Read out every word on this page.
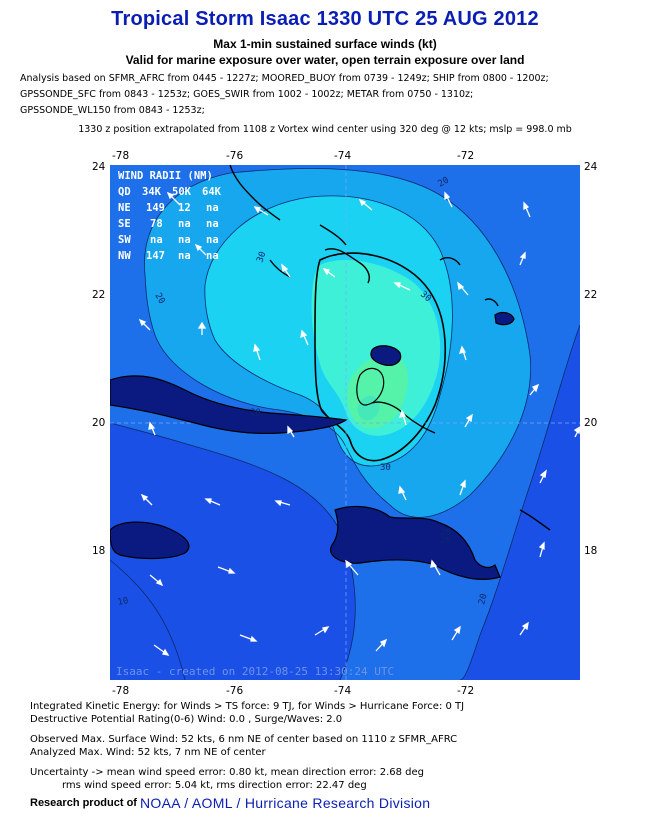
Tropical Storm Isaac 1330 UTC 25 AUG 2012
Max 1-min sustained surface winds (kt)
Valid for marine exposure over water, open terrain exposure over land
Analysis based on SFMR_AFRC from 0445 - 1227z; MOORED_BUOY from 0739 - 1249z; SHIP from 0800 - 1200z;
GPSSONDE_SFC from 0843 - 1253z; GOES_SWIR from 1002 - 1002z; METAR from 0750 - 1310z;
GPSSONDE_WL150 from 0843 - 1253z;
1330 z position extrapolated from 1108 z Vortex wind center using 320 deg @ 12 kts; mslp = 998.0 mb
-78	-76	-74	-72
-78	-76	-74	-72
24
22
20
18
24
22
20
18
20
30
20
30
20
20
30
20
10	20
WIND RADII (NM)
QD 34K 50K 64K
NE 149 12 na
SE 78 na na
SW na na na
NW 147 na na
Isaac - created on 2012-08-25 13:30:24 UTC
Integrated Kinetic Energy: for Winds > TS force: 9 TJ, for Winds > Hurricane Force: 0 TJ
Destructive Potential Rating(0-6) Wind: 0.0 , Surge/Waves: 2.0
Observed Max. Surface Wind: 52 kts, 6 nm NE of center based on 1110 z SFMR_AFRC
Analyzed Max. Wind: 52 kts, 7 nm NE of center
Uncertainty -> mean wind speed error: 0.80 kt, mean direction error: 2.68 deg
rms wind speed error: 5.04 kt, rms direction error: 22.47 deg
Research product of NOAA / AOML / Hurricane Research Division
